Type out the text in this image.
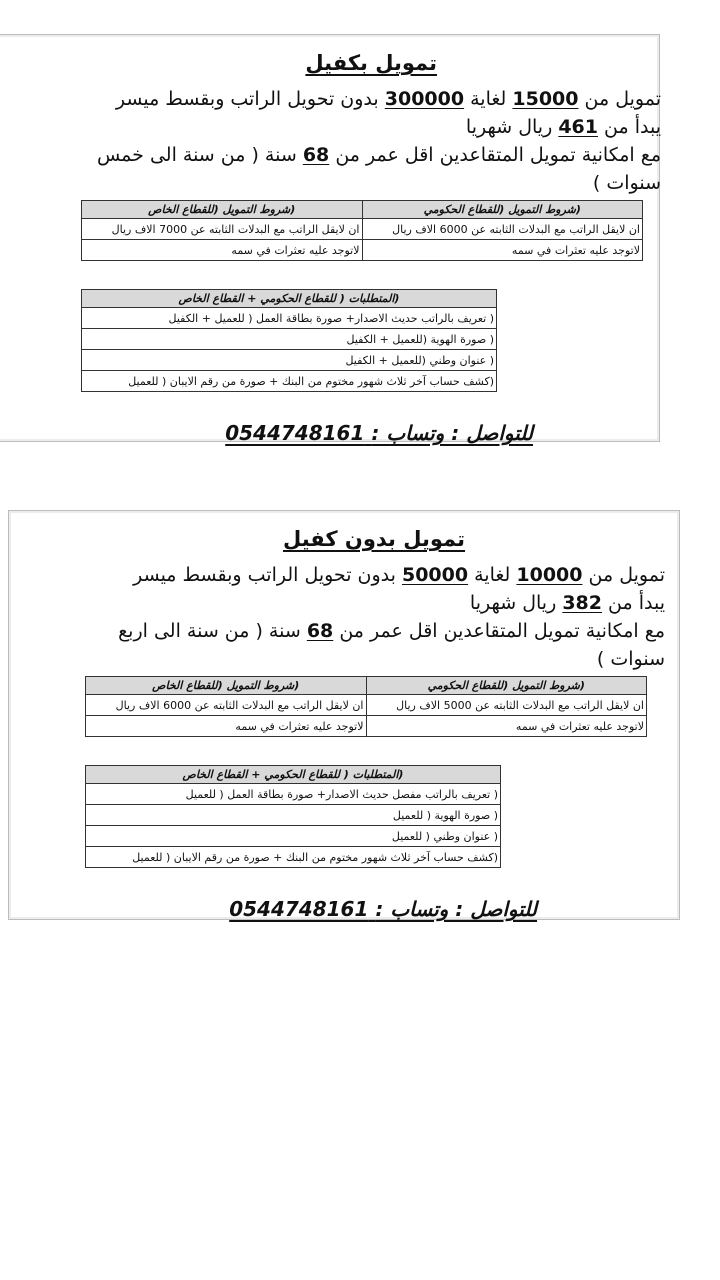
تمويل بكفيل

تمويل من 15000 لغاية 300000 بدون تحويل الراتب وبقسط ميسر
يبدأ من 461 ريال شهريا
مع امكانية تمويل المتقاعدين اقل عمر من 68 سنة ( من سنة الى خمس سنوات )

(شروط التمويل (للقطاع الحكومي	(شروط التمويل (للقطاع الخاص
ان لايقل الراتب مع البدلات الثابته عن 6000 الاف ريال	ان لايقل الراتب مع البدلات الثابته عن 7000 الاف ريال
لاتوجد عليه تعثرات في سمه	لاتوجد عليه تعثرات في سمه
(المتطلبات ( للقطاع الحكومي + القطاع الخاص
( تعريف بالراتب حديث الاصدار+ صورة بطاقة العمل ( للعميل + الكفيل
( صورة الهوية (للعميل + الكفيل
( عنوان وطني (للعميل + الكفيل
(كشف حساب آخر ثلاث شهور مختوم من البنك + صورة من رقم الايبان ( للعميل

للتواصل : وتساب : 0544748161

تمويل بدون كفيل

تمويل من 10000 لغاية 50000 بدون تحويل الراتب وبقسط ميسر
يبدأ من 382 ريال شهريا
مع امكانية تمويل المتقاعدين اقل عمر من 68 سنة ( من سنة الى اربع سنوات )

(شروط التمويل (للقطاع الحكومي	(شروط التمويل (للقطاع الخاص
ان لايقل الراتب مع البدلات الثابته عن 5000 الاف ريال	ان لايقل الراتب مع البدلات الثابته عن 6000 الاف ريال
لاتوجد عليه تعثرات في سمه	لاتوجد عليه تعثرات في سمه
(المتطلبات ( للقطاع الحكومي + القطاع الخاص
( تعريف بالراتب مفصل حديث الاصدار+ صورة بطاقة العمل ( للعميل
( صورة الهوية ( للعميل
( عنوان وطني ( للعميل
(كشف حساب آخر ثلاث شهور مختوم من البنك + صورة من رقم الايبان ( للعميل

للتواصل : وتساب : 0544748161
